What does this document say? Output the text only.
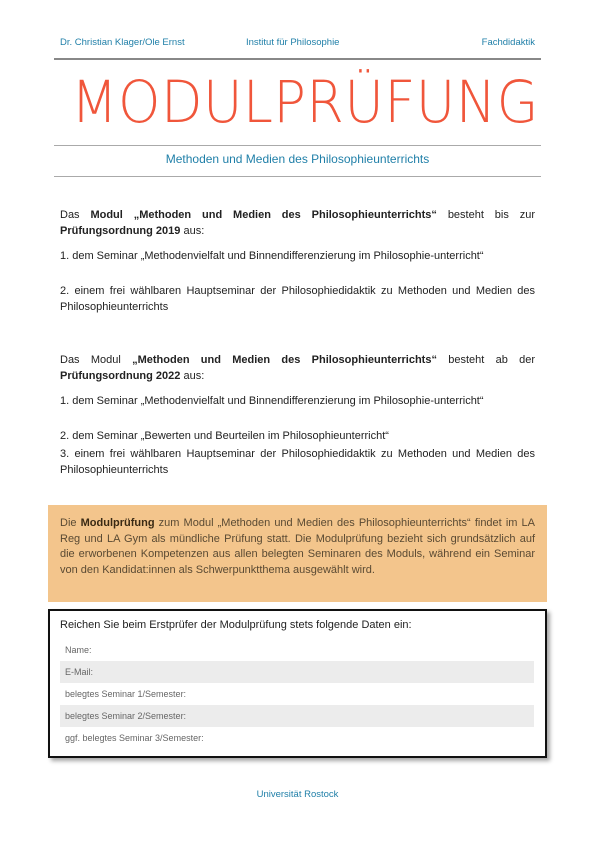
Dr. Christian Klager/Ole Ernst	Institut für Philosophie	Fachdidaktik
MODULPRÜFUNG
Methoden und Medien des Philosophieunterrichts
Das Modul „Methoden und Medien des Philosophieunterrichts“ besteht bis zur Prüfungsordnung 2019 aus:
1. dem Seminar „Methodenvielfalt und Binnendifferenzierung im Philosophie-unterricht“
2. einem frei wählbaren Hauptseminar der Philosophiedidaktik zu Methoden und Medien des Philosophieunterrichts
Das Modul „Methoden und Medien des Philosophieunterrichts“ besteht ab der Prüfungsordnung 2022 aus:
1. dem Seminar „Methodenvielfalt und Binnendifferenzierung im Philosophie-unterricht“
2. dem Seminar „Bewerten und Beurteilen im Philosophieunterricht“
3. einem frei wählbaren Hauptseminar der Philosophiedidaktik zu Methoden und Medien des Philosophieunterrichts
Die Modulprüfung zum Modul „Methoden und Medien des Philosophieunterrichts“ findet im LA Reg und LA Gym als mündliche Prüfung statt. Die Modulprüfung bezieht sich grundsätzlich auf die erworbenen Kompetenzen aus allen belegten Seminaren des Moduls, während ein Seminar von den Kandidat:innen als Schwerpunktthema ausgewählt wird.
Reichen Sie beim Erstprüfer der Modulprüfung stets folgende Daten ein:
Name:
E-Mail:
belegtes Seminar 1/Semester:
belegtes Seminar 2/Semester:
ggf. belegtes Seminar 3/Semester:
Universität Rostock
